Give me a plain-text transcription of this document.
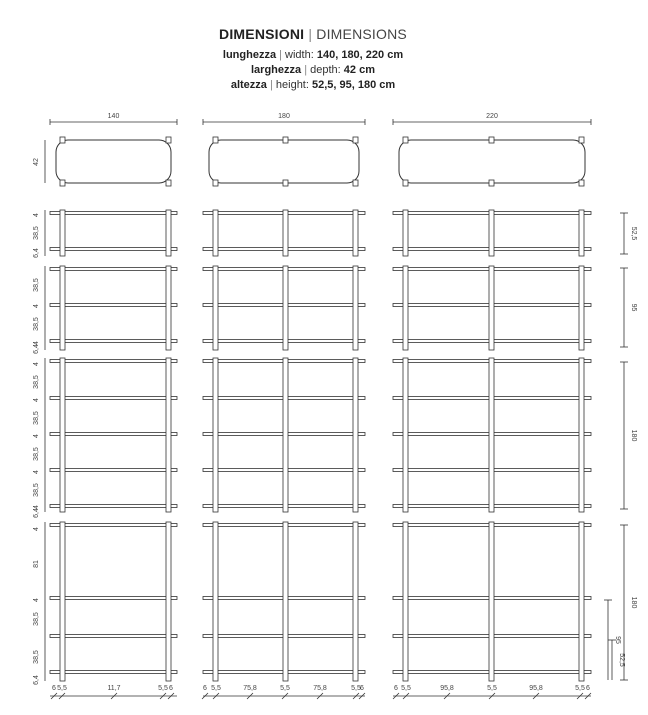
DIMENSIONI | DIMENSIONS
lunghezza | width: 140, 180, 220 cm
larghezza | depth: 42 cm
altezza | height: 52,5, 95, 180 cm
140	180	220
42
4
38,5
6,4
52,5
38,5
4
38,5
4
6,4
95
4
38,5
4
38,5
4
38,5
4
38,5
4
6,4
180
4
81
4
38,5
38,5
6,4
180
95
52,5
6 5,5	11,7	5,5 6	6 5,5	75,8	5,5	75,8	5,5 6	6 5,5	95,8	5,5	95,8	5,5 6
